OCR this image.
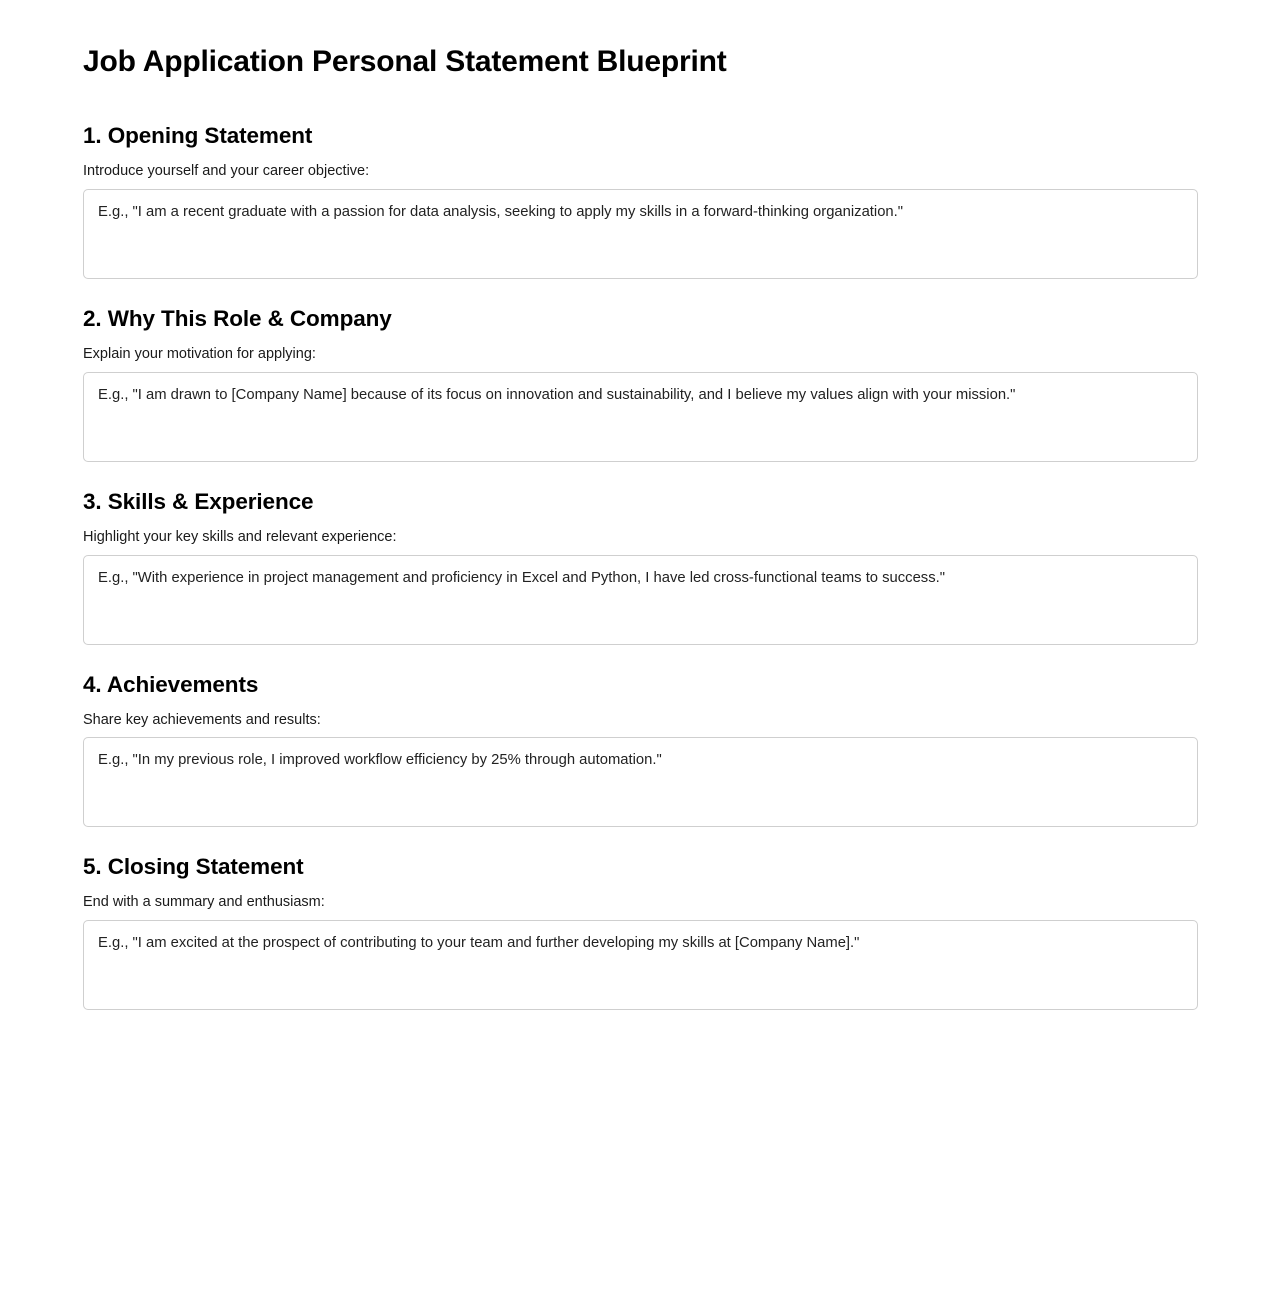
Job Application Personal Statement Blueprint
1. Opening Statement

Introduce yourself and your career objective:

E.g., "I am a recent graduate with a passion for data analysis, seeking to apply my skills in a forward-thinking organization."
2. Why This Role & Company

Explain your motivation for applying:

E.g., "I am drawn to [Company Name] because of its focus on innovation and sustainability, and I believe my values align with your mission."
3. Skills & Experience

Highlight your key skills and relevant experience:

E.g., "With experience in project management and proficiency in Excel and Python, I have led cross-functional teams to success."
4. Achievements

Share key achievements and results:

E.g., "In my previous role, I improved workflow efficiency by 25% through automation."
5. Closing Statement

End with a summary and enthusiasm:

E.g., "I am excited at the prospect of contributing to your team and further developing my skills at [Company Name]."
